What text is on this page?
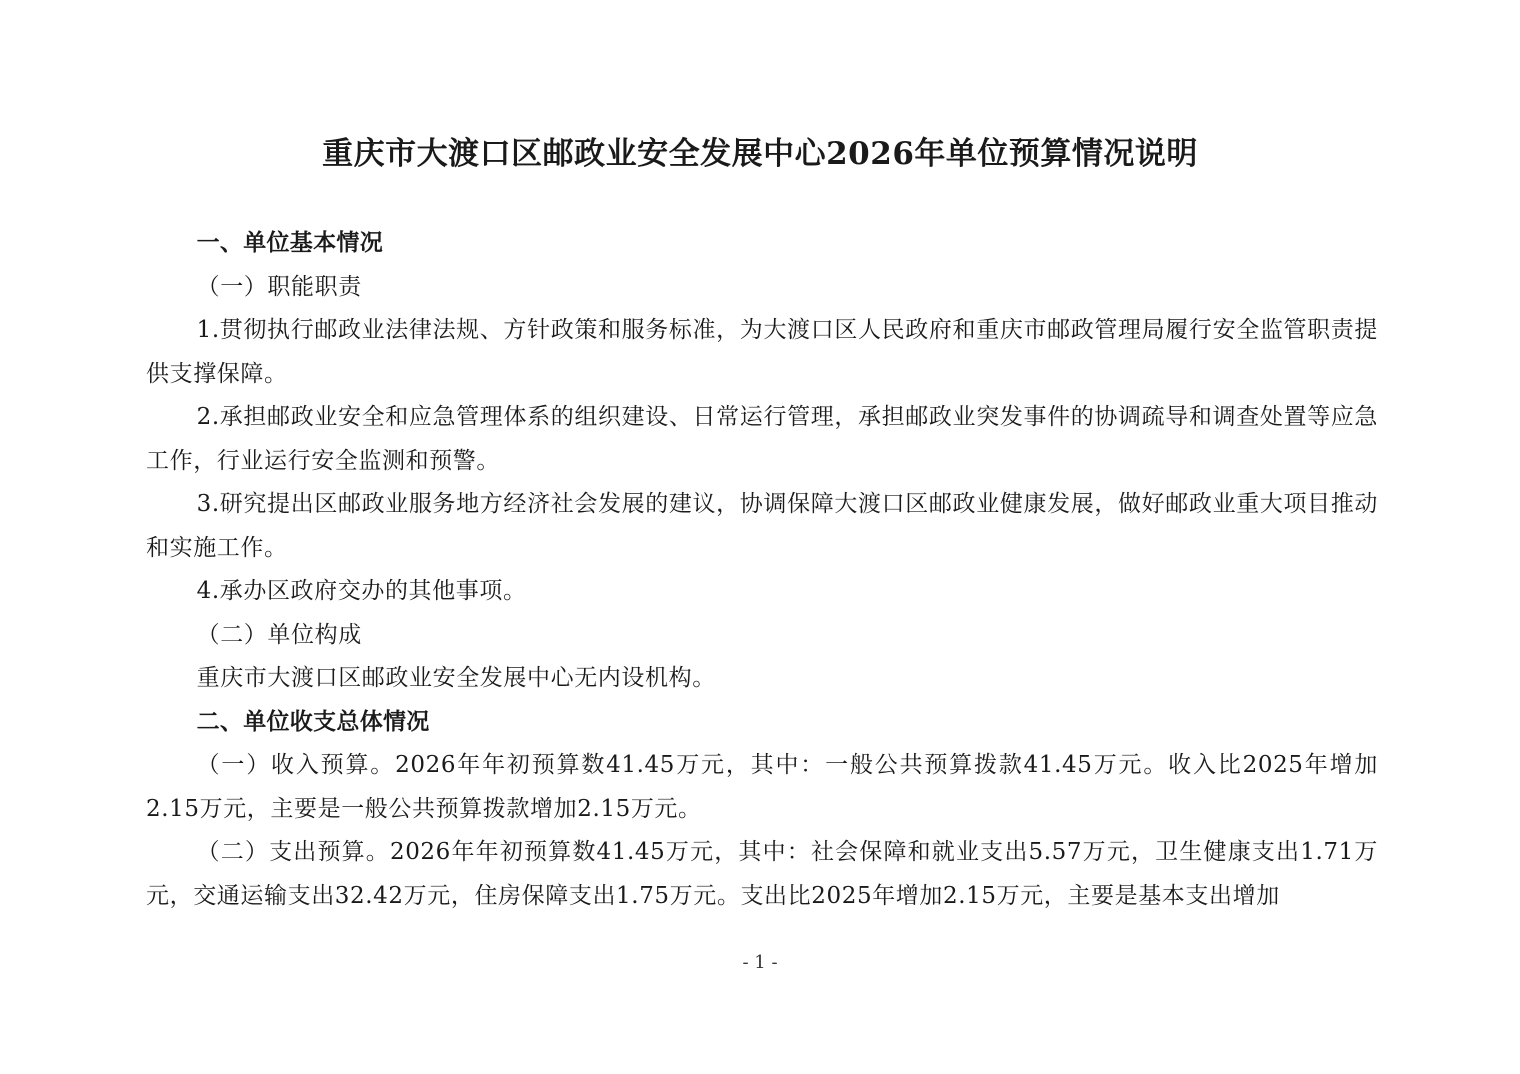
重庆市大渡口区邮政业安全发展中心2026年单位预算情况说明

一、单位基本情况

（一）职能职责

1.贯彻执行邮政业法律法规、方针政策和服务标准，为大渡口区人民政府和重庆市邮政管理局履行安全监管职责提供支撑保障。

2.承担邮政业安全和应急管理体系的组织建设、日常运行管理，承担邮政业突发事件的协调疏导和调查处置等应急工作，行业运行安全监测和预警。

3.研究提出区邮政业服务地方经济社会发展的建议，协调保障大渡口区邮政业健康发展，做好邮政业重大项目推动和实施工作。

4.承办区政府交办的其他事项。

（二）单位构成

重庆市大渡口区邮政业安全发展中心无内设机构。

二、单位收支总体情况

（一）收入预算。2026年年初预算数41.45万元，其中：一般公共预算拨款41.45万元。收入比2025年增加2.15万元，主要是一般公共预算拨款增加2.15万元。

（二）支出预算。2026年年初预算数41.45万元，其中：社会保障和就业支出5.57万元，卫生健康支出1.71万元，交通运输支出32.42万元，住房保障支出1.75万元。支出比2025年增加2.15万元，主要是基本支出增加

- 1 -
